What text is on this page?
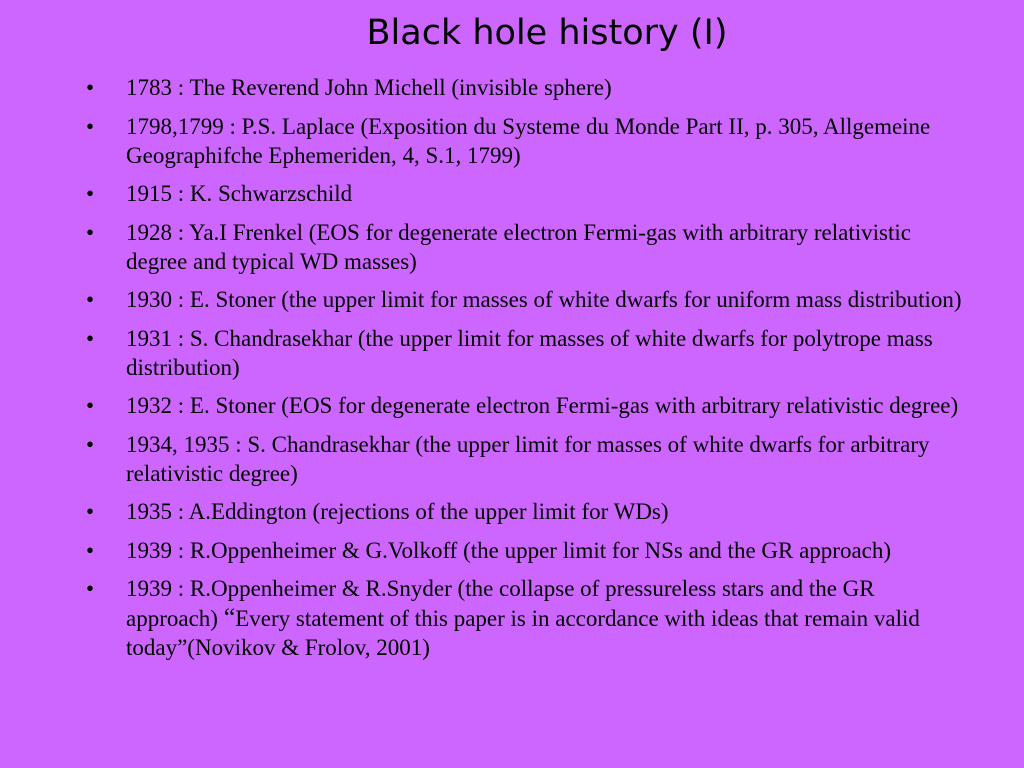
Black hole history (I)
• 1783 : The Reverend John Michell (invisible sphere)
• 1798,1799 : P.S. Laplace (Exposition du Systeme du Monde Part II, p. 305, Allgemeine Geographifche Ephemeriden, 4, S.1, 1799)
• 1915 : K. Schwarzschild
• 1928 : Ya.I Frenkel (EOS for degenerate electron Fermi-gas with arbitrary relativistic degree and typical WD masses)
• 1930 : E. Stoner (the upper limit for masses of white dwarfs for uniform mass distribution)
• 1931 : S. Chandrasekhar (the upper limit for masses of white dwarfs for polytrope mass distribution)
• 1932 : E. Stoner (EOS for degenerate electron Fermi-gas with arbitrary relativistic degree)
• 1934, 1935 : S. Chandrasekhar (the upper limit for masses of white dwarfs for arbitrary relativistic degree)
• 1935 : A.Eddington (rejections of the upper limit for WDs)
• 1939 : R.Oppenheimer & G.Volkoff (the upper limit for NSs and the GR approach)
• 1939 : R.Oppenheimer & R.Snyder (the collapse of pressureless stars and the GR approach) “Every statement of this paper is in accordance with ideas that remain valid today”(Novikov & Frolov, 2001)
